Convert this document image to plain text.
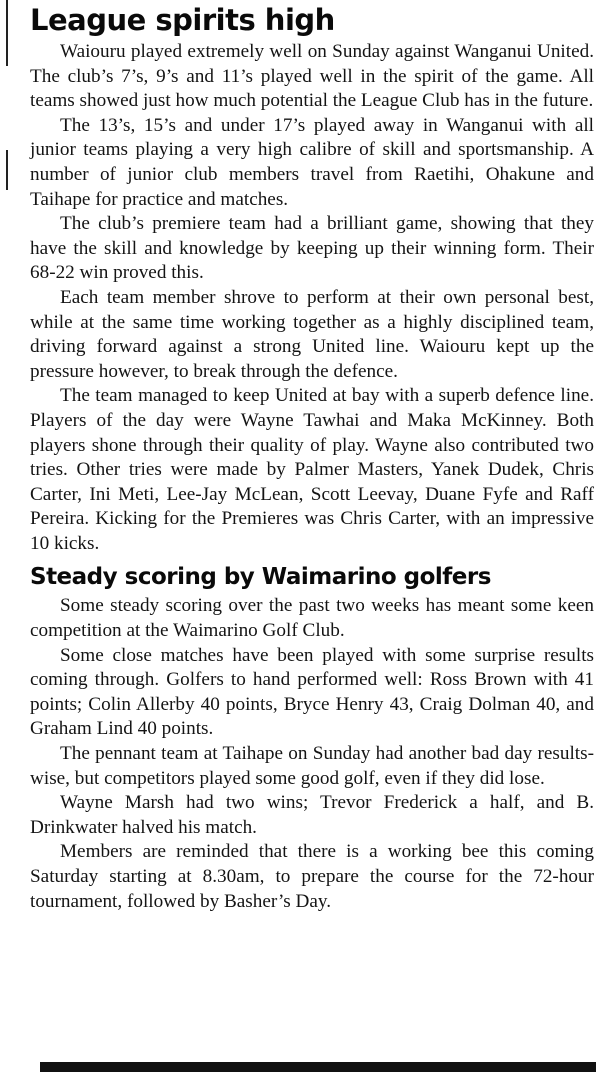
League spirits high

Waiouru played extremely well on Sunday against Wanganui United. The club’s 7’s, 9’s and 11’s played well in the spirit of the game. All teams showed just how much potential the League Club has in the future.

The 13’s, 15’s and under 17’s played away in Wanganui with all junior teams playing a very high calibre of skill and sportsmanship. A number of junior club members travel from Raetihi, Ohakune and Taihape for practice and matches.

The club’s premiere team had a brilliant game, showing that they have the skill and knowledge by keeping up their winning form. Their 68-22 win proved this.

Each team member shrove to perform at their own personal best, while at the same time working together as a highly disciplined team, driving forward against a strong United line. Waiouru kept up the pressure however, to break through the defence.

The team managed to keep United at bay with a superb defence line. Players of the day were Wayne Tawhai and Maka McKinney. Both players shone through their quality of play. Wayne also contributed two tries. Other tries were made by Palmer Masters, Yanek Dudek, Chris Carter, Ini Meti, Lee-Jay McLean, Scott Leevay, Duane Fyfe and Raff Pereira. Kicking for the Premieres was Chris Carter, with an impressive 10 kicks.

Steady scoring by Waimarino golfers

Some steady scoring over the past two weeks has meant some keen competition at the Waimarino Golf Club.

Some close matches have been played with some surprise results coming through. Golfers to hand performed well: Ross Brown with 41 points; Colin Allerby 40 points, Bryce Henry 43, Craig Dolman 40, and Graham Lind 40 points.

The pennant team at Taihape on Sunday had another bad day results-wise, but competitors played some good golf, even if they did lose.

Wayne Marsh had two wins; Trevor Frederick a half, and B. Drinkwater halved his match.

Members are reminded that there is a working bee this coming Saturday starting at 8.30am, to prepare the course for the 72-hour tournament, followed by Basher’s Day.
